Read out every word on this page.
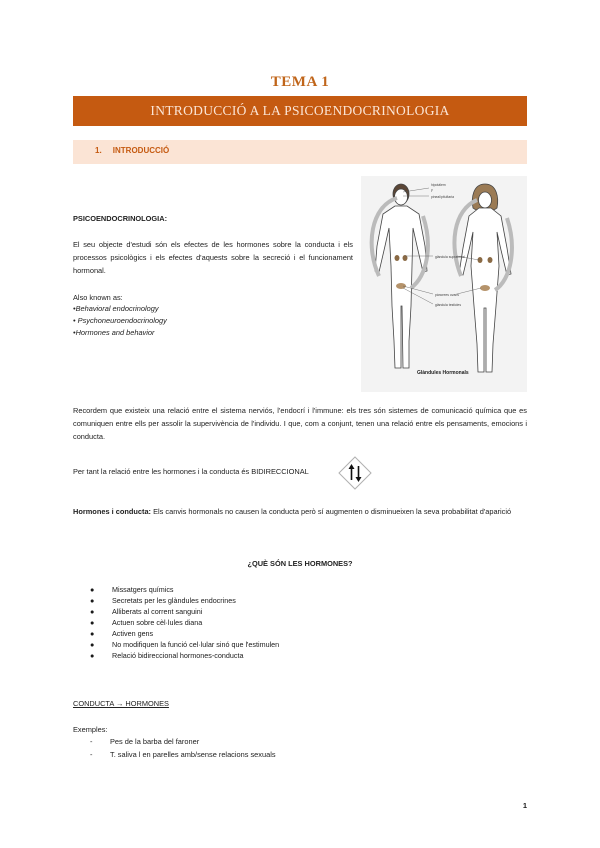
TEMA 1
INTRODUCCIÓ A LA PSICOENDOCRINOLOGIA
1. INTRODUCCIÓ
PSICOENDOCRINOLOGIA:
El seu objecte d'estudi són els efectes de les hormones sobre la conducta i els processos psicològics i els efectes d'aquests sobre la secreció i el funcionament hormonal.
Also known as:
•Behavioral endocrinology
• Psychoneuroendocrinology
•Hormones and behavior
hipotàlem
y
pineal/pituïtaria
glàndula suprarenal
pàncrees ovaris
glàndula testicles
Glàndules Hormonals
Recordem que existeix una relació entre el sistema nerviós, l'endocrí i l'immune: els tres són sistemes de comunicació química que es comuniquen entre ells per assolir la supervivència de l'individu. I que, com a conjunt, tenen una relació entre els pensaments, emocions i conducta.
Per tant la relació entre les hormones i la conducta és BIDIRECCIONAL
Hormones i conducta: Els canvis hormonals no causen la conducta però sí augmenten o disminueixen la seva probabilitat d'aparició
¿QUÈ SÓN LES HORMONES?
● Missatgers químics
● Secretats per les glàndules endocrines
● Alliberats al corrent sanguini
● Actuen sobre cèl·lules diana
● Activen gens
● No modifiquen la funció cel·lular sinó que l'estimulen
● Relació bidireccional hormones-conducta
CONDUCTA → HORMONES
Exemples:
- Pes de la barba del faroner
- T. saliva l en parelles amb/sense relacions sexuals
1
